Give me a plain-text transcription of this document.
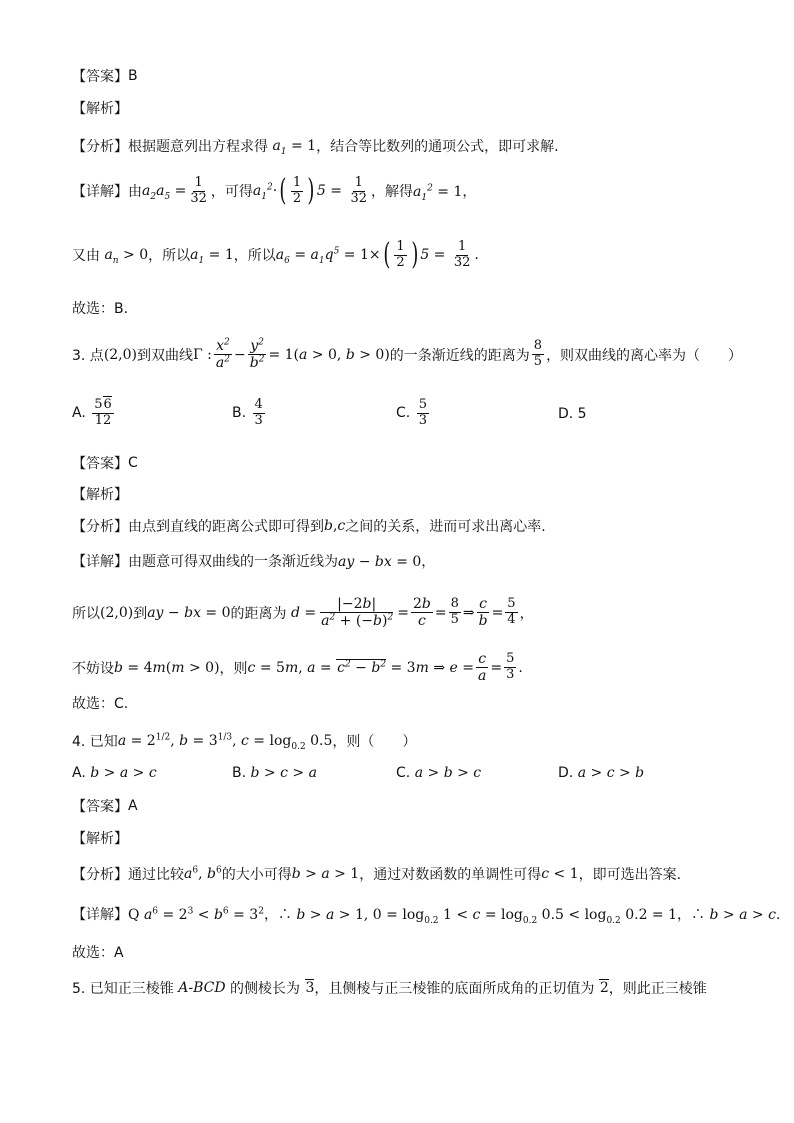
【答案】 B
【解析】
【分析】 根据题意列出方程求得 $a_1 = 1$ ，结合等比数列的通项公式，即可求解.
【详解】 由 $a_2a_5 = \frac{1}{32}$ ，可得 $a_1^2\cdot$ ( $\frac{1}{2}$ ) $5 = \frac{1}{32}$ ，解得 $a_1^2 = 1$，
又由 $a_n > 0$ ，所以 $a_1 = 1$ ，所以 $a_6 = a_1q^5 = 1\times$ ( $\frac{1}{2}$ ) $5 = \frac{1}{32}$ .
故选：B.
3. 点 (2,0) 到双曲线 Γ : $\frac{x^2}{a^2} - \frac{y^2}{b^2} = 1(a > 0$, b > 0) 的一条渐近线的距离为 $\frac{8}{5}$ ，则双曲线的离心率为（　　）
A.
$\frac{56}{12}$	B.
$\frac{4}{3}$	C.
$\frac{5}{3}$	D. 5
【答案】 C
【解析】
【分析】 由点到直线的距离公式即可得到 b,c 之间的关系，进而可求出离心率.
【详解】 由题意可得双曲线的一条渐近线为 ay − bx = 0，
所以 (2,0) 到 ay − bx = 0 的距离为 $d = \frac{|-2b|}{a^2 + (-b)^2} = \frac{2b}{c} = \frac{8}{5}$ ⇒ $\frac{c}{b} = \frac{5}{4}$ ，
不妨设 b = 4m(m > 0) ，则 c = 5m, $a = c^2 - b^2 = 3m$ ⇒ $e = \frac{c}{a} = \frac{5}{3}$ .
故选：C.
4. 已知 $a = 2^{1/2}$, $b = 3^{1/3}$, $c = \log_{0.2} 0.5$ ，则（　　）
A.
b > a > c	B.
b > c > a	C.
a > b > c	D.
a > c > b
【答案】 A
【解析】
【分析】 通过比较 $a^6$, $b^6$ 的大小可得 b > a > 1 ，通过对数函数的单调性可得 c < 1 ，即可选出答案.
【详解】 Q $a^6 = 2^3 < b^6 = 3^2$，∴ b > a > 1, $0 = \log_{0.2} 1 < c = \log_{0.2} 0.5 < \log_{0.2} 0.2 = 1$，∴ b > a > c.
故选：A
5. 已知正三棱锥 A-BCD 的侧棱长为 3 ，且侧棱与正三棱锥的底面所成角的正切值为 2 ，则此正三棱锥
